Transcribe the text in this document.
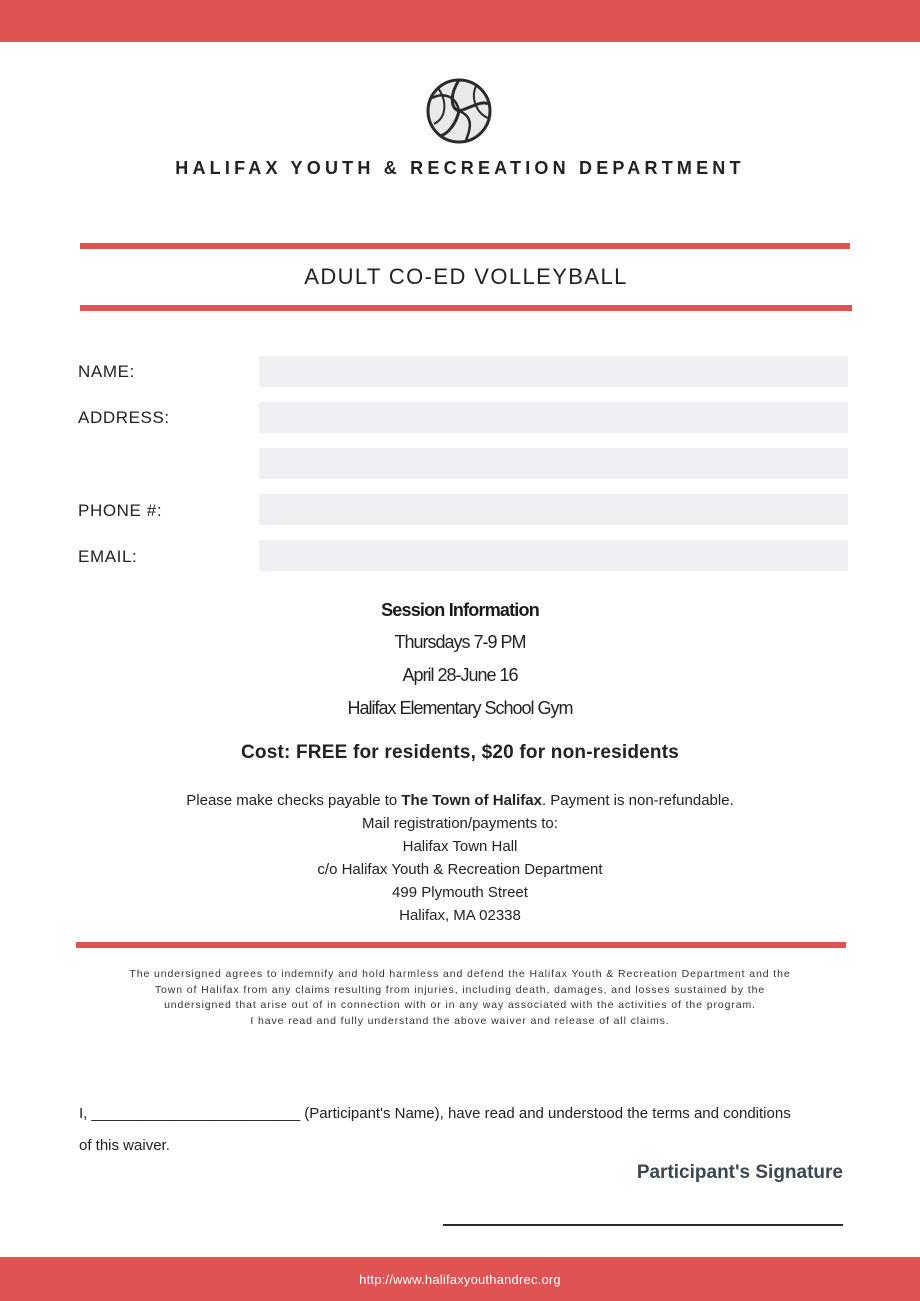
HALIFAX YOUTH & RECREATION DEPARTMENT
ADULT CO-ED VOLLEYBALL
NAME:
ADDRESS:
PHONE #:
EMAIL:
Session Information
Thursdays 7-9 PM
April 28-June 16
Halifax Elementary School Gym
Cost: FREE for residents, $20 for non-residents
Please make checks payable to The Town of Halifax. Payment is non-refundable.
Mail registration/payments to:
Halifax Town Hall
c/o Halifax Youth & Recreation Department
499 Plymouth Street
Halifax, MA 02338
The undersigned agrees to indemnify and hold harmless and defend the Halifax Youth & Recreation Department and the
Town of Halifax from any claims resulting from injuries, including death, damages, and losses sustained by the
undersigned that arise out of in connection with or in any way associated with the activities of the program.
I have read and fully understand the above waiver and release of all claims.
I, _________________________ (Participant's Name), have read and understood the terms and conditions
of this waiver.
Participant's Signature
http://www.halifaxyouthandrec.org
